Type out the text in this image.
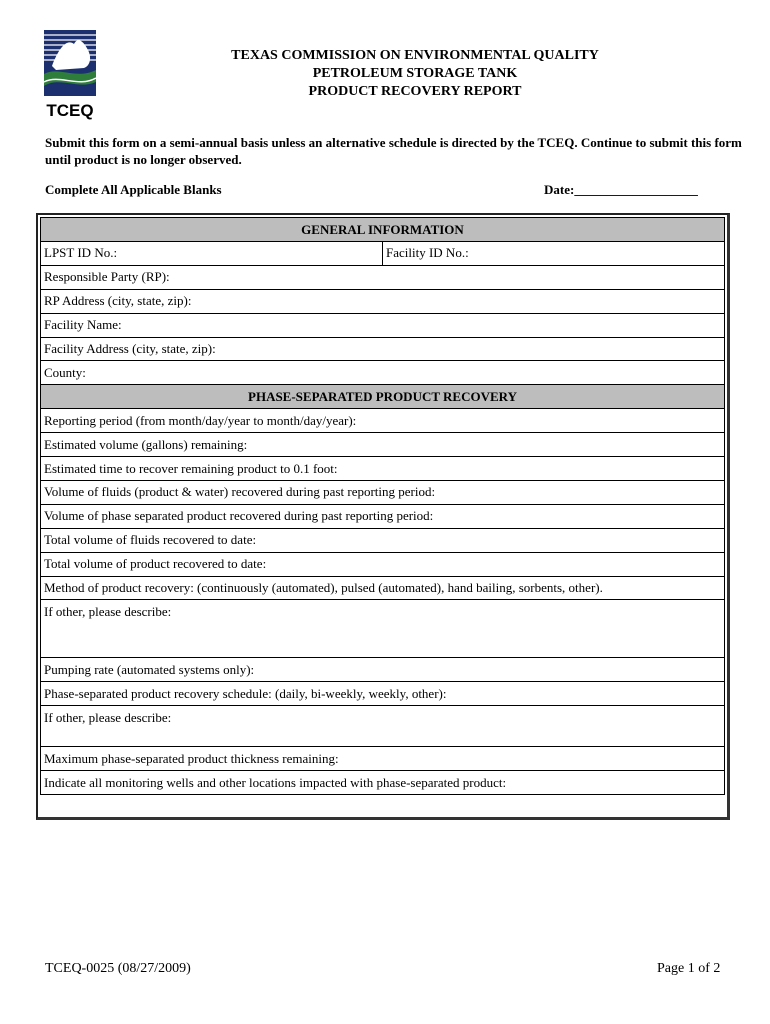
TCEQ
TEXAS COMMISSION ON ENVIRONMENTAL QUALITY
PETROLEUM STORAGE TANK
PRODUCT RECOVERY REPORT
Submit this form on a semi-annual basis unless an alternative schedule is directed by the TCEQ. Continue to submit this form until product is no longer observed.
Complete All Applicable Blanks	Date:___________________
GENERAL INFORMATION
LPST ID No.:	Facility ID No.:
Responsible Party (RP):
RP Address (city, state, zip):
Facility Name:
Facility Address (city, state, zip):
County:
PHASE-SEPARATED PRODUCT RECOVERY
Reporting period (from month/day/year to month/day/year):
Estimated volume (gallons) remaining:
Estimated time to recover remaining product to 0.1 foot:
Volume of fluids (product & water) recovered during past reporting period:
Volume of phase separated product recovered during past reporting period:
Total volume of fluids recovered to date:
Total volume of product recovered to date:
Method of product recovery: (continuously (automated), pulsed (automated), hand bailing, sorbents, other).
If other, please describe:
Pumping rate (automated systems only):
Phase-separated product recovery schedule: (daily, bi-weekly, weekly, other):
If other, please describe:
Maximum phase-separated product thickness remaining:
Indicate all monitoring wells and other locations impacted with phase-separated product:
TCEQ-0025 (08/27/2009)	Page 1 of 2
